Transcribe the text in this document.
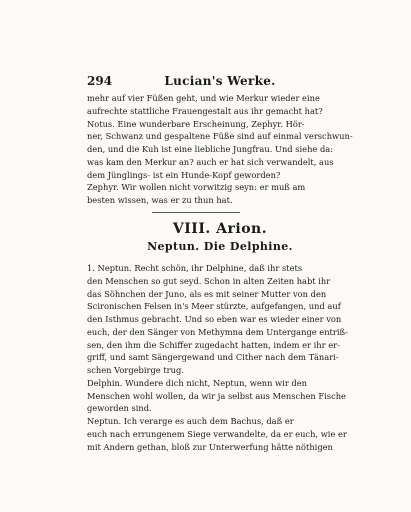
294	Lucian's Werke.
mehr auf vier Füßen geht, und wie Merkur wieder eine
aufrechte stattliche Frauengestalt aus ihr gemacht hat?
Notus. Eine wunderbare Erscheinung, Zephyr. Hör-
ner, Schwanz und gespaltene Füße sind auf einmal verschwun-
den, und die Kuh ist eine liebliche Jungfrau. Und siehe da:
was kam den Merkur an? auch er hat sich verwandelt, aus
dem Jünglings- ist ein Hunde-Kopf geworden?
Zephyr. Wir wollen nicht vorwitzig seyn: er muß am
besten wissen, was er zu thun hat.
VIII. Arion.
Neptun. Die Delphine.
1. Neptun. Recht schön, ihr Delphine, daß ihr stets
den Menschen so gut seyd. Schon in alten Zeiten habt ihr
das Söhnchen der Juno, als es mit seiner Mutter von den
Scironischen Felsen in's Meer stürzte, aufgefangen, und auf
den Isthmus gebracht. Und so eben war es wieder einer von
euch, der den Sänger von Methymna dem Untergange entriß-
sen, den ihm die Schiffer zugedacht hatten, indem er ihr er-
griff, und samt Sängergewand und Cither nach dem Tänari-
schen Vorgebirge trug.
Delphin. Wundere dich nicht, Neptun, wenn wir den
Menschen wohl wollen, da wir ja selbst aus Menschen Fische
geworden sind.
Neptun. Ich verarge es auch dem Bachus, daß er
euch nach errungenem Siege verwandelte, da er euch, wie er
mit Andern gethan, bloß zur Unterwerfung hätte nöthigen
